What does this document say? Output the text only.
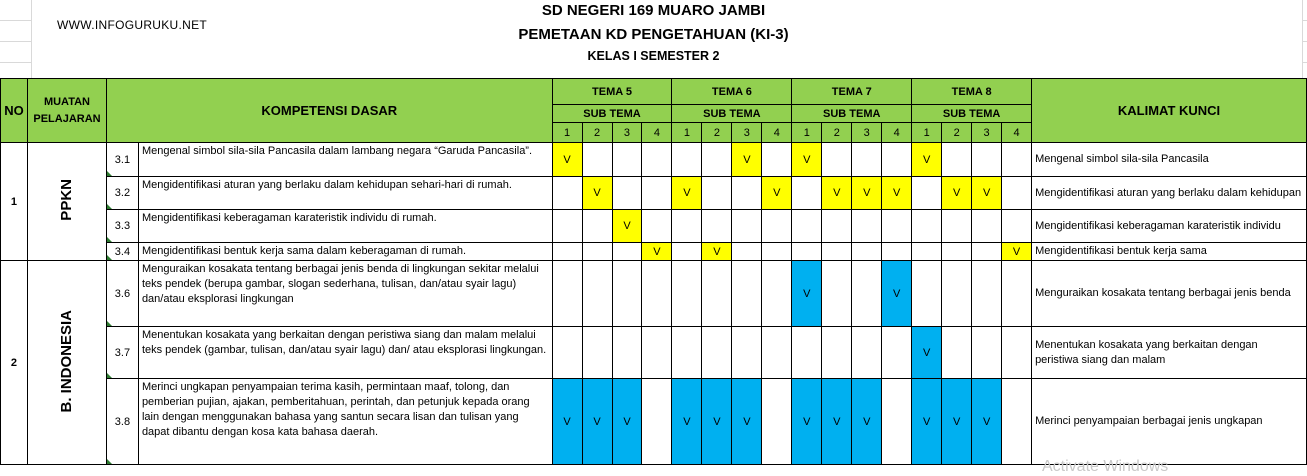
WWW.INFOGURUKU.NET
SD NEGERI 169 MUARO JAMBI
PEMETAAN KD PENGETAHUAN (KI-3)
KELAS I SEMESTER 2
NO	MUATAN PELAJARAN	KOMPETENSI DASAR		TEMA 5				TEMA 6				TEMA 7				TEMA 8				KALIMAT KUNCI
				SUB TEMA				SUB TEMA				SUB TEMA				SUB TEMA				
				1	2	3	4	1	2	3	4	1	2	3	4	1	2	3	4	
1	PPKN	3.1	Mengenal simbol sila-sila Pancasila dalam lambang negara “Garuda Pancasila”.	V						V		V				V				Mengenal simbol sila-sila Pancasila
		3.2	Mengidentifikasi aturan yang berlaku dalam kehidupan sehari-hari di rumah.		V			V			V		V	V	V		V	V		Mengidentifikasi aturan yang berlaku dalam kehidupan
		3.3	Mengidentifikasi keberagaman karateristik individu di rumah.			V														Mengidentifikasi keberagaman karateristik individu
		3.4	Mengidentifikasi bentuk kerja sama dalam keberagaman di rumah.				V		V										V	Mengidentifikasi bentuk kerja sama
2	B. INDONESIA	3.6	Menguraikan kosakata tentang berbagai jenis benda di lingkungan sekitar melalui teks pendek (berupa gambar, slogan sederhana, tulisan, dan/atau syair lagu) dan/atau eksplorasi lingkungan									V			V					Menguraikan kosakata tentang berbagai jenis benda
		3.7	Menentukan kosakata yang berkaitan dengan peristiwa siang dan malam melalui teks pendek (gambar, tulisan, dan/atau syair lagu) dan/ atau eksplorasi lingkungan.													V				Menentukan kosakata yang berkaitan dengan peristiwa siang dan malam
		3.8	Merinci ungkapan penyampaian terima kasih, permintaan maaf, tolong, dan pemberian pujian, ajakan, pemberitahuan, perintah, dan petunjuk kepada orang lain dengan menggunakan bahasa yang santun secara lisan dan tulisan yang dapat dibantu dengan kosa kata bahasa daerah.	V	V	V		V	V	V		V	V	V		V	V	V		Merinci penyampaian berbagai jenis ungkapan
Activate Windows
